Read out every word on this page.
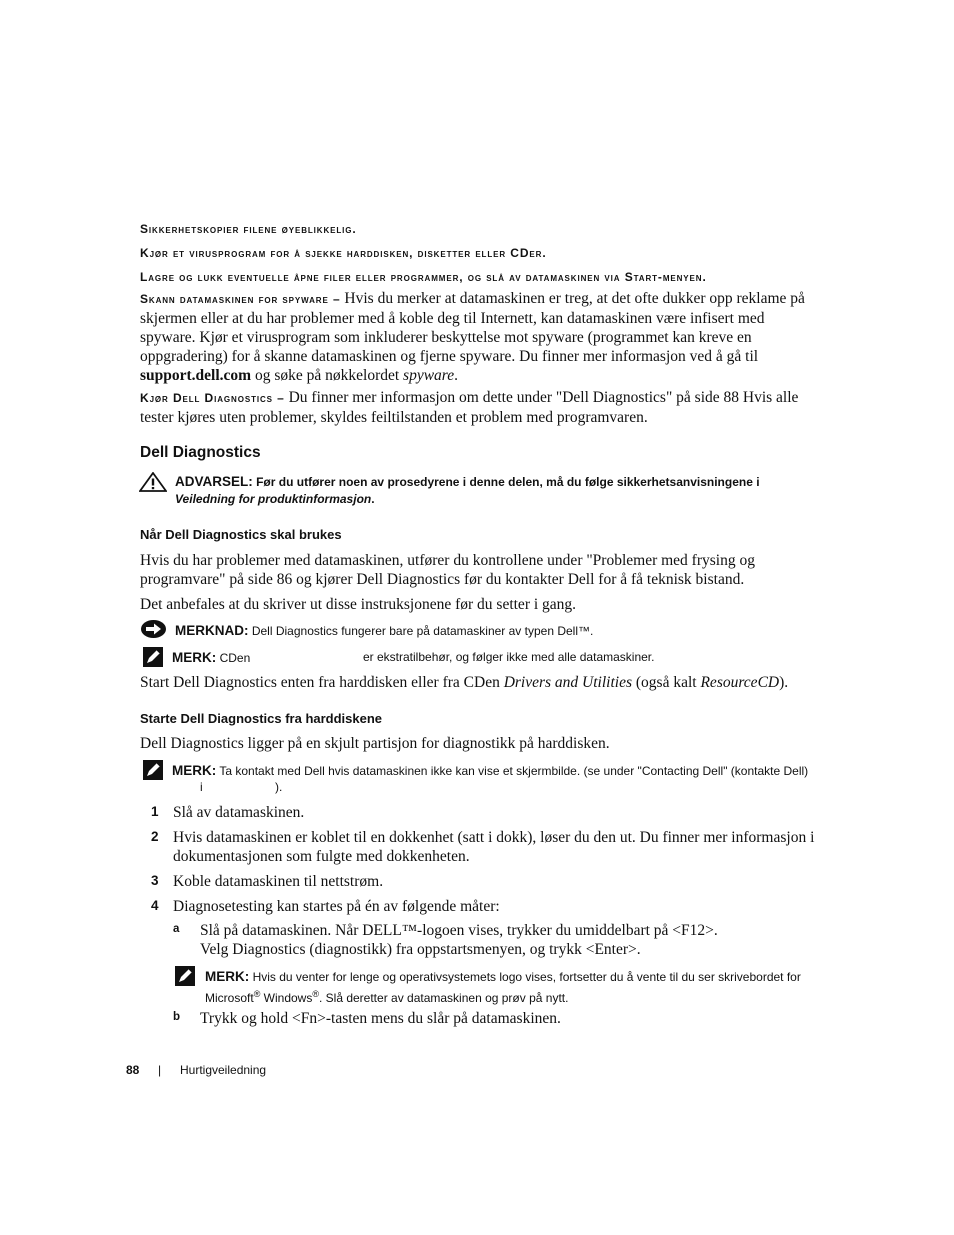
Sikkerhetskopier filene øyeblikkelig.
Kjør et virusprogram for å sjekke harddisken, disketter eller CDer.
Lagre og lukk eventuelle åpne filer eller programmer, og slå av datamaskinen via Start-menyen.
Skann datamaskinen for spyware – Hvis du merker at datamaskinen er treg, at det ofte dukker opp reklame på skjermen eller at du har problemer med å koble deg til Internett, kan datamaskinen være infisert med spyware. Kjør et virusprogram som inkluderer beskyttelse mot spyware (programmet kan kreve en oppgradering) for å skanne datamaskinen og fjerne spyware. Du finner mer informasjon ved å gå til support.dell.com og søke på nøkkelordet spyware.
Kjør Dell Diagnostics – Du finner mer informasjon om dette under "Dell Diagnostics" på side 88 Hvis alle tester kjøres uten problemer, skyldes feiltilstanden et problem med programvaren.
Dell Diagnostics
ADVARSEL: Før du utfører noen av prosedyrene i denne delen, må du følge sikkerhetsanvisningene i Veiledning for produktinformasjon.
Når Dell Diagnostics skal brukes
Hvis du har problemer med datamaskinen, utfører du kontrollene under "Problemer med frysing og programvare" på side 86 og kjører Dell Diagnostics før du kontakter Dell for å få teknisk bistand.
Det anbefales at du skriver ut disse instruksjonene før du setter i gang.
MERKNAD: Dell Diagnostics fungerer bare på datamaskiner av typen Dell™.
MERK: CDen	er ekstratilbehør, og følger ikke med alle datamaskiner.
Start Dell Diagnostics enten fra harddisken eller fra CDen Drivers and Utilities (også kalt ResourceCD).
Starte Dell Diagnostics fra harddiskene
Dell Diagnostics ligger på en skjult partisjon for diagnostikk på harddisken.
MERK: Ta kontakt med Dell hvis datamaskinen ikke kan vise et skjermbilde. (se under "Contacting Dell" (kontakte Dell)
i	).
1 Slå av datamaskinen.
2 Hvis datamaskinen er koblet til en dokkenhet (satt i dokk), løser du den ut. Du finner mer informasjon i dokumentasjonen som fulgte med dokkenheten.
3 Koble datamaskinen til nettstrøm.
4 Diagnosetesting kan startes på én av følgende måter:
a Slå på datamaskinen. Når DELL™-logoen vises, trykker du umiddelbart på <F12>.
Velg Diagnostics (diagnostikk) fra oppstartsmenyen, og trykk <Enter>.
MERK: Hvis du venter for lenge og operativsystemets logo vises, fortsetter du å vente til du ser skrivebordet for Microsoft® Windows®. Slå deretter av datamaskinen og prøv på nytt.
b Trykk og hold <Fn>-tasten mens du slår på datamaskinen.
88 | Hurtigveiledning
